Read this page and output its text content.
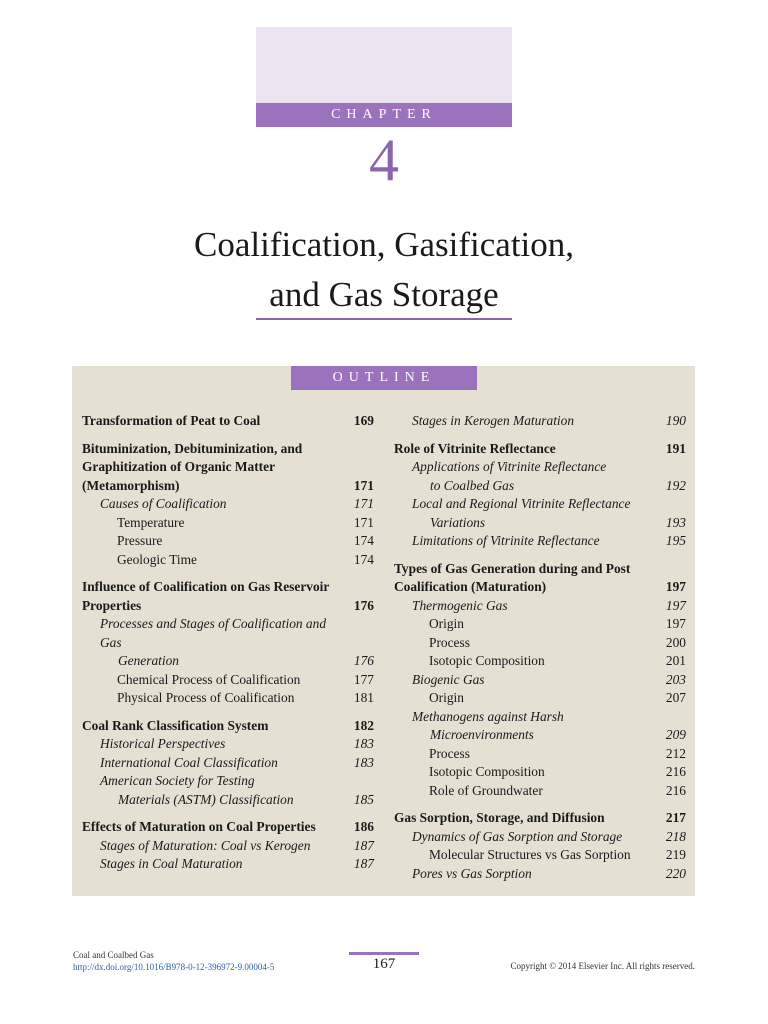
CHAPTER
4
Coalification, Gasification,
and Gas Storage
OUTLINE
Transformation of Peat to Coal	169
Bituminization, Debituminization, and Graphitization of Organic Matter (Metamorphism)	171
Causes of Coalification	171
Temperature	171
Pressure	174
Geologic Time	174
Influence of Coalification on Gas Reservoir Properties	176
Processes and Stages of Coalification and Gas
Generation	176
Chemical Process of Coalification	177
Physical Process of Coalification	181
Coal Rank Classification System	182
Historical Perspectives	183
International Coal Classification	183
American Society for Testing
Materials (ASTM) Classification	185
Effects of Maturation on Coal Properties	186
Stages of Maturation: Coal vs Kerogen	187
Stages in Coal Maturation	187
Stages in Kerogen Maturation	190
Role of Vitrinite Reflectance	191
Applications of Vitrinite Reflectance
to Coalbed Gas	192
Local and Regional Vitrinite Reflectance
Variations	193
Limitations of Vitrinite Reflectance	195
Types of Gas Generation during and Post Coalification (Maturation)	197
Thermogenic Gas	197
Origin	197
Process	200
Isotopic Composition	201
Biogenic Gas	203
Origin	207
Methanogens against Harsh
Microenvironments	209
Process	212
Isotopic Composition	216
Role of Groundwater	216
Gas Sorption, Storage, and Diffusion	217
Dynamics of Gas Sorption and Storage	218
Molecular Structures vs Gas Sorption	219
Pores vs Gas Sorption	220
Coal and Coalbed Gas
http://dx.doi.org/10.1016/B978-0-12-396972-9.00004-5	167	Copyright © 2014 Elsevier Inc. All rights reserved.
